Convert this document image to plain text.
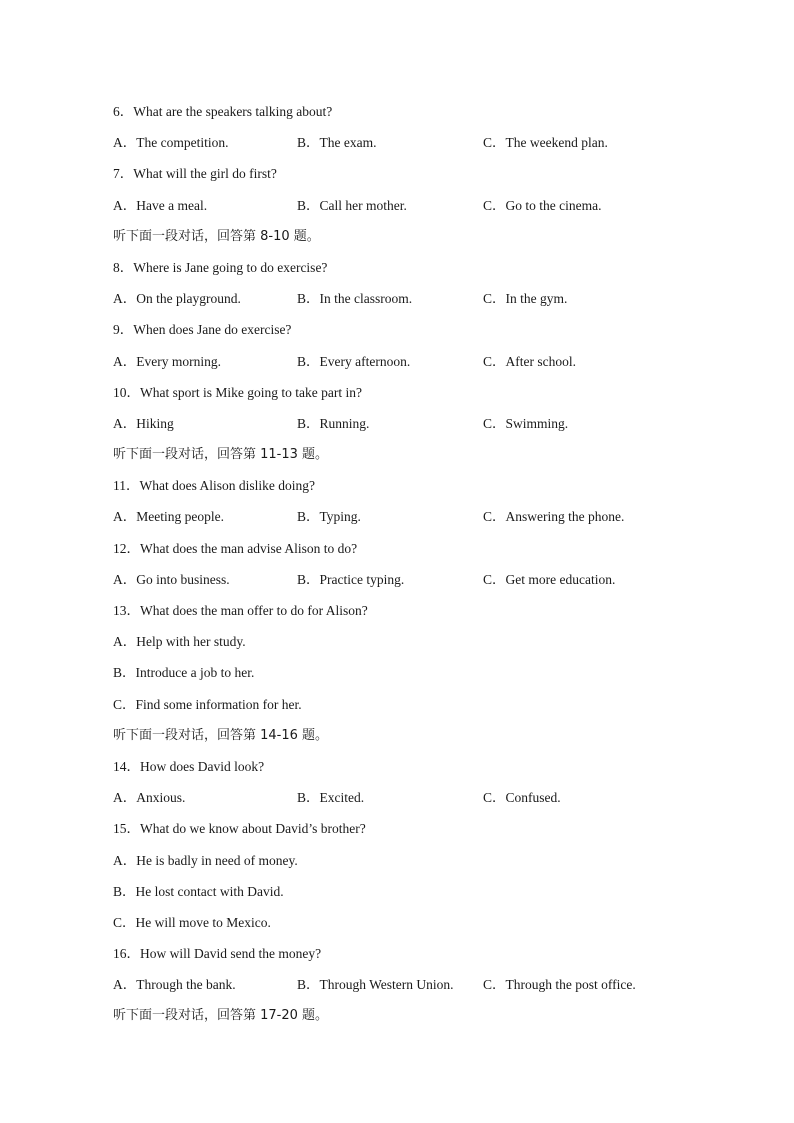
6．What are the speakers talking about?
A．The competition.	B．The exam.	C．The weekend plan.
7．What will the girl do first?
A．Have a meal.	B．Call her mother.	C．Go to the cinema.
听下面一段对话，回答第 8-10 题。
8．Where is Jane going to do exercise?
A．On the playground.	B．In the classroom.	C．In the gym.
9．When does Jane do exercise?
A．Every morning.	B．Every afternoon.	C．After school.
10．What sport is Mike going to take part in?
A．Hiking	B．Running.	C．Swimming.
听下面一段对话，回答第 11-13 题。
11．What does Alison dislike doing?
A．Meeting people.	B．Typing.	C．Answering the phone.
12．What does the man advise Alison to do?
A．Go into business.	B．Practice typing.	C．Get more education.
13．What does the man offer to do for Alison?
A．Help with her study.
B．Introduce a job to her.
C．Find some information for her.
听下面一段对话，回答第 14-16 题。
14．How does David look?
A．Anxious.	B．Excited.	C．Confused.
15．What do we know about David’s brother?
A．He is badly in need of money.
B．He lost contact with David.
C．He will move to Mexico.
16．How will David send the money?
A．Through the bank.	B．Through Western Union. C．Through the post office.
听下面一段对话，回答第 17-20 题。
